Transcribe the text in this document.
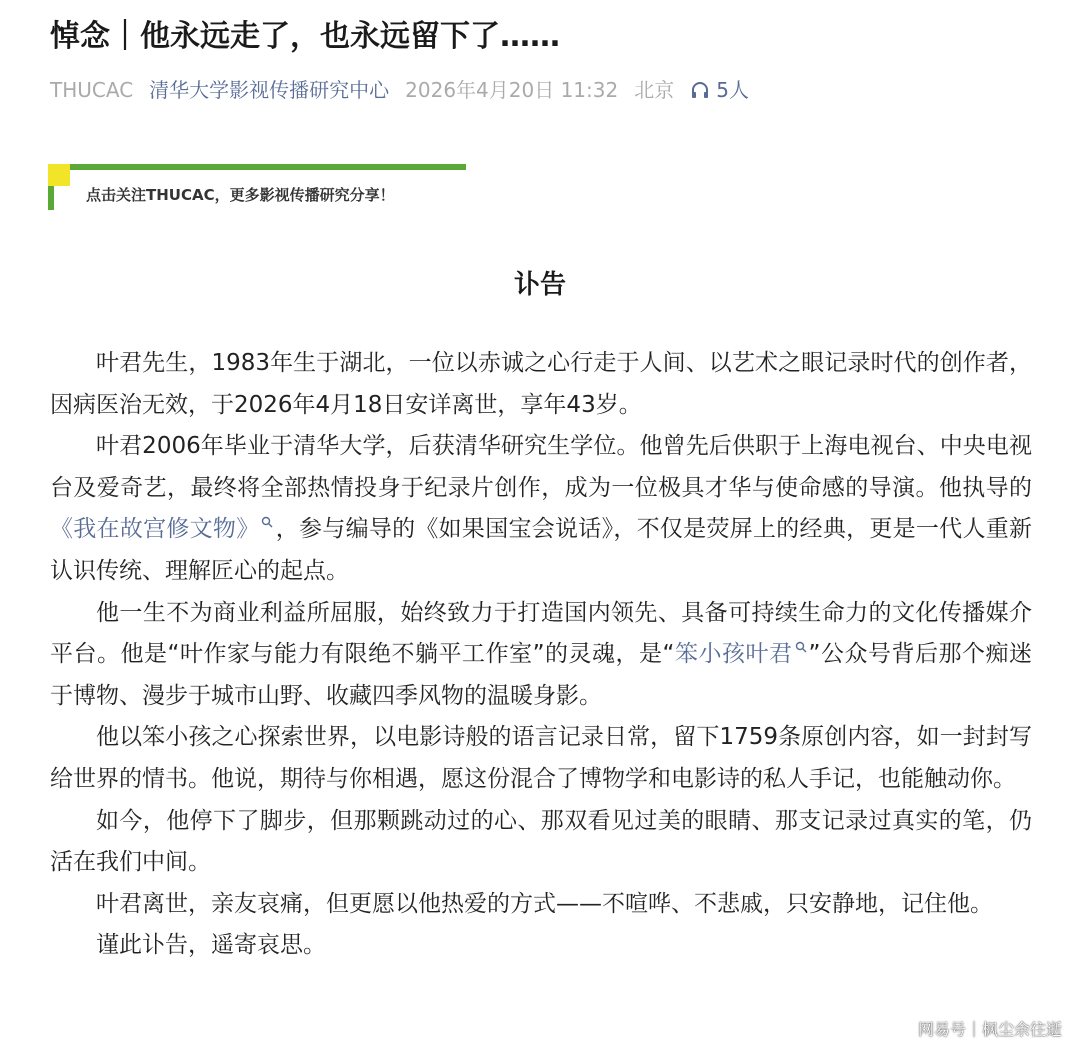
悼念｜他永远走了，也永远留下了……
THUCAC 清华大学影视传播研究中心 2026年4月20日 11:32 北京 5人
点击关注THUCAC，更多影视传播研究分享！
讣告

叶君先生，1983年生于湖北，一位以赤诚之心行走于人间、以艺术之眼记录时代的创作者，因病医治无效，于2026年4月18日安详离世，享年43岁。

叶君2006年毕业于清华大学，后获清华研究生学位。他曾先后供职于上海电视台、中央电视台及爱奇艺，最终将全部热情投身于纪录片创作，成为一位极具才华与使命感的导演。他执导的《我在故宫修文物》 ，参与编导的《如果国宝会说话》，不仅是荧屏上的经典，更是一代人重新认识传统、理解匠心的起点。

他一生不为商业利益所屈服，始终致力于打造国内领先、具备可持续生命力的文化传播媒介平台。他是“叶作家与能力有限绝不躺平工作室”的灵魂，是“笨小孩叶君 ”公众号背后那个痴迷于博物、漫步于城市山野、收藏四季风物的温暖身影。

他以笨小孩之心探索世界，以电影诗般的语言记录日常，留下1759条原创内容，如一封封写给世界的情书。他说，期待与你相遇，愿这份混合了博物学和电影诗的私人手记，也能触动你。

如今，他停下了脚步，但那颗跳动过的心、那双看见过美的眼睛、那支记录过真实的笔，仍活在我们中间。

叶君离世，亲友哀痛，但更愿以他热爱的方式——不喧哗、不悲戚，只安静地，记住他。

谨此讣告，遥寄哀思。

网易号｜枫尘余往逝
